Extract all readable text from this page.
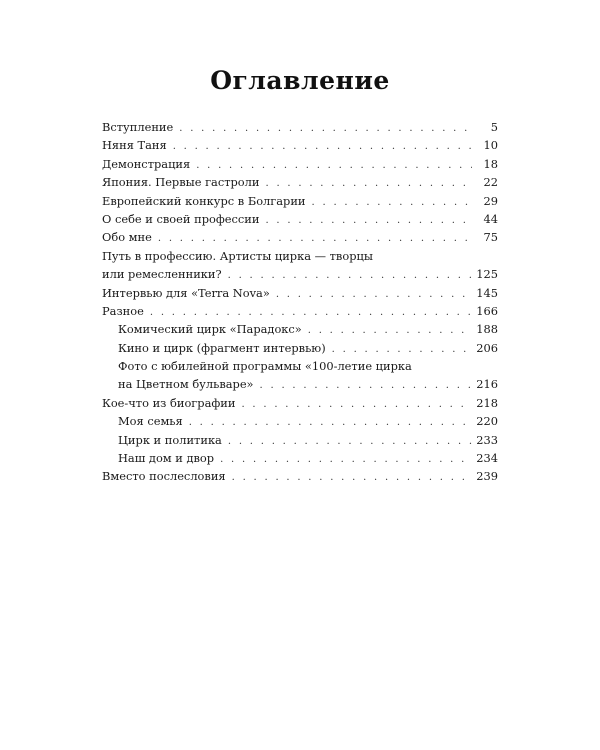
Оглавление
Вступление . . .	5
Няня Таня . . .	10
Демонстрация . . .	18
Япония. Первые гастроли . . .	22
Европейский конкурс в Болгарии . . .	29
О себе и своей профессии . . .	44
Обо мне . . .	75
Путь в профессию. Артисты цирка — творцы
или ремесленники? . . .	125
Интервью для «Terra Nova» . . .	145
Разное . . .	166
Комический цирк «Парадокс» . . .	188
Кино и цирк (фрагмент интервью) . . .	206
Фото с юбилейной программы «100-летие цирка
на Цветном бульваре» . . .	216
Кое-что из биографии . . .	218
Моя семья . . .	220
Цирк и политика . . .	233
Наш дом и двор . . .	234
Вместо послесловия . . .	239
